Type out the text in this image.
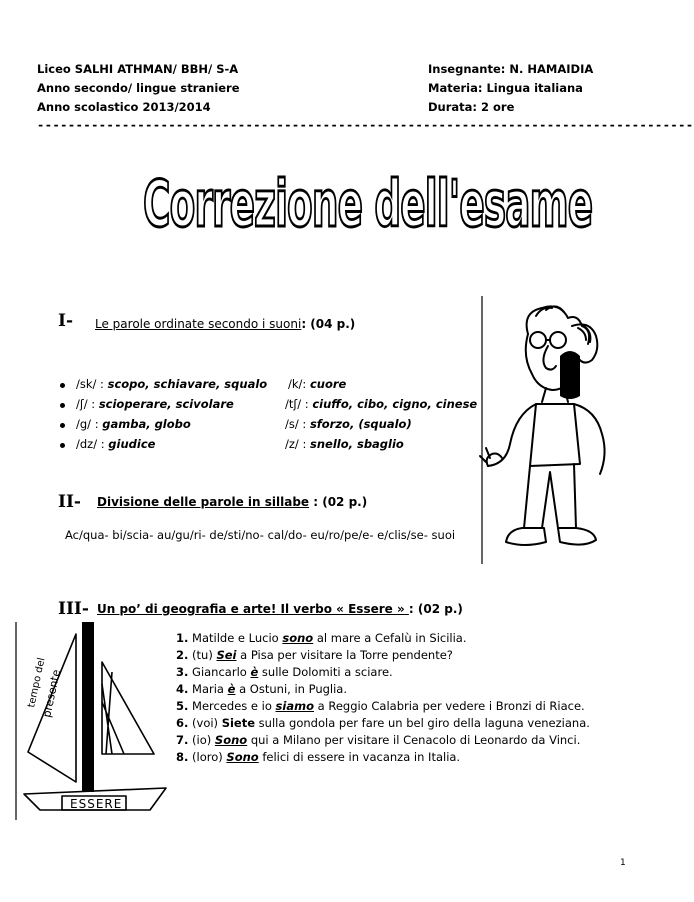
Liceo SALHI ATHMAN/ BBH/ S-A
Anno secondo/ lingue straniere
Anno scolastico 2013/2014
Insegnante: N. HAMAIDIA
Materia: Lingua italiana
Durata: 2 ore
-------------------------------------------------------------------------------------
Correzione dell'esame
I- Le parole ordinate secondo i suoni: (04 p.)
/sk/ : scopo, schiavare, squalo /k/: cuore
/ʃ/ : scioperare, scivolare	/tʃ/ : ciuffo, cibo, cigno, cinese
/g/ : gamba, globo	/s/ : sforzo, (squalo)
/dz/ : giudice	/z/ : snello, sbaglio
II- Divisione delle parole in sillabe : (02 p.)
Ac/qua- bi/scia- au/gu/ri- de/sti/no- cal/do- eu/ro/pe/e- e/clis/se- suoi
III- Un po’ di geografia e arte! Il verbo « Essere » : (02 p.)
1. Matilde e Lucio sono al mare a Cefalù in Sicilia.
2. (tu) Sei a Pisa per visitare la Torre pendente?
3. Giancarlo è sulle Dolomiti a sciare.
4. Maria è a Ostuni, in Puglia.
5. Mercedes e io siamo a Reggio Calabria per vedere i Bronzi di Riace.
6. (voi) Siete sulla gondola per fare un bel giro della laguna veneziana.
7. (io) Sono qui a Milano per visitare il Cenacolo di Leonardo da Vinci.
8. (loro) Sono felici di essere in vacanza in Italia.
tempo del
presente
ESSERE
1
